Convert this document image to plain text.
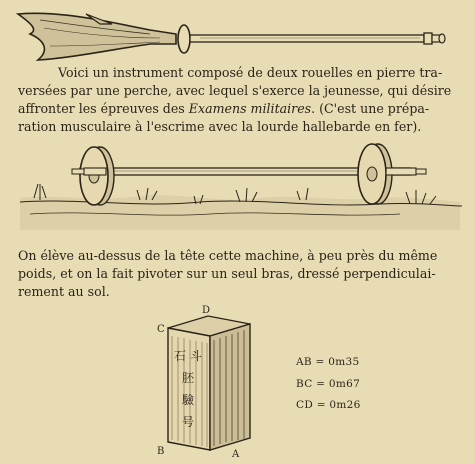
Voici un instrument composé de deux rouelles en pierre tra-
versées par une perche, avec lequel s'exerce la jeunesse, qui désire
affronter les épreuves des Examens militaires. (C'est une prépa-
ration musculaire à l'escrime avec la lourde hallebarde en fer).

On élève au-dessus de la tête cette machine, à peu près du même
poids, et on la fait pivoter sur un seul bras, dressé perpendiculai-
rement au sol.

石 斗
胚
驗
号
D
C
B	A
AB = 0m35
BC = 0m67
CD = 0m26
